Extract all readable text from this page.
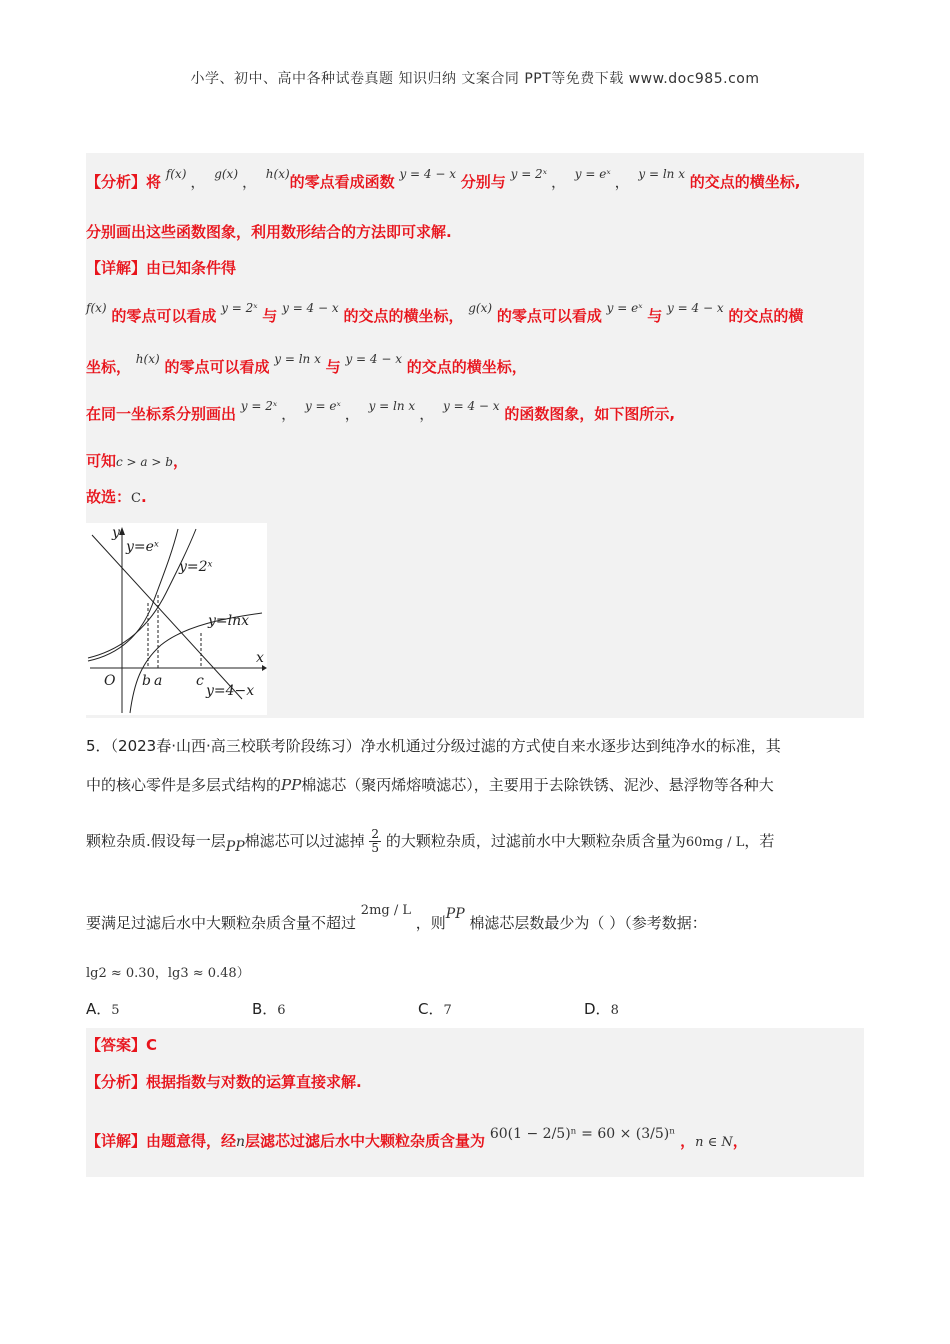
小学、初中、高中各种试卷真题 知识归纳 文案合同 PPT等免费下载 www.doc985.com
【分析】将 $^{f(x)}$ ， $^{g(x)}$ ， $^{h(x)}$的零点看成函数 $^{y = 4 - x}$ 分别与 $^{y = 2ˣ}$ ， $^{y = eˣ}$ ， $^{y = ln x}$ 的交点的横坐标,
分别画出这些函数图象，利用数形结合的方法即可求解.
【详解】由已知条件得
$^{f(x)}$ 的零点可以看成 $^{y = 2ˣ}$ 与 $^{y = 4 - x}$ 的交点的横坐标， $^{g(x)}$ 的零点可以看成 $^{y = eˣ}$ 与 $^{y = 4 - x}$ 的交点的横
坐标， $^{h(x)}$ 的零点可以看成 $^{y = ln x}$ 与 $^{y = 4 - x}$ 的交点的横坐标，
在同一坐标系分别画出 $^{y = 2ˣ}$ ， $^{y = eˣ}$ ， $^{y = ln x}$ ， $^{y = 4 - x}$ 的函数图象，如下图所示,
可知c > a > b，
故选：C.
y=eˣ
y=2ˣ
y=lnx
y=4−x
y
x
O b a c
5．（2023春·山西·高三校联考阶段练习）净水机通过分级过滤的方式使自来水逐步达到纯净水的标准，其
中的核心零件是多层式结构的PP棉滤芯（聚丙烯熔喷滤芯），主要用于去除铁锈、泥沙、悬浮物等各种大
颗粒杂质.假设每一层PP棉滤芯可以过滤掉 $\frac{2}{5}$ 的大颗粒杂质，过滤前水中大颗粒杂质含量为60mg / L，若
要满足过滤后水中大颗粒杂质含量不超过 2mg / L ，则PP 棉滤芯层数最少为（ ）（参考数据：
lg2 ≈ 0.30，lg3 ≈ 0.48）
A．5	B．6	C．7	D．8
【答案】C
【分析】根据指数与对数的运算直接求解.
【详解】由题意得，经n层滤芯过滤后水中大颗粒杂质含量为 60(1 − 2/5)ⁿ = 60 × (3/5)ⁿ ，n ∈ N，
